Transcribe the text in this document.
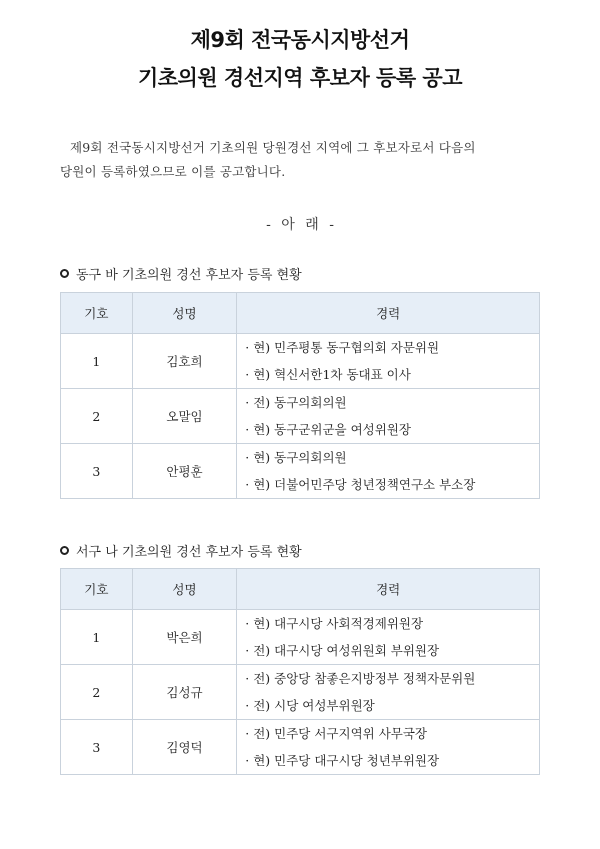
제9회 전국동시지방선거
기초의원 경선지역 후보자 등록 공고

제9회 전국동시지방선거 기초의원 당원경선 지역에 그 후보자로서 다음의

당원이 등록하였으므로 이를 공고합니다.
- 아 래 -
동구 바 기초의원 경선 후보자 등록 현황
기호	성명	경력
1	김호희	· 현) 민주평통 동구협의회 자문위원
· 현) 혁신서한1차 동대표 이사

2	오말임	· 전) 동구의회의원
· 현) 동구군위군을 여성위원장

3	안평훈	· 현) 동구의회의원
· 현) 더불어민주당 청년정책연구소 부소장
서구 나 기초의원 경선 후보자 등록 현황
기호	성명	경력
1	박은희	· 현) 대구시당 사회적경제위원장
· 전) 대구시당 여성위원회 부위원장

2	김성규	· 전) 중앙당 참좋은지방정부 정책자문위원
· 전) 시당 여성부위원장

3	김영덕	· 전) 민주당 서구지역위 사무국장
· 현) 민주당 대구시당 청년부위원장
